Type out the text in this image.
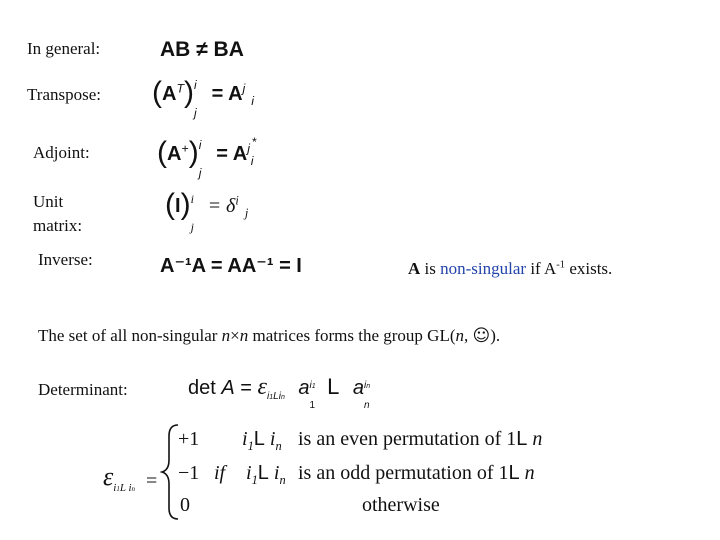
In general:
Transpose:
Adjoint:
Unit
matrix:
Inverse:
Determinant:
AB ≠ BA
$(A^T)$ i
j
= $A^j_i$
(A+) i
j
= $A^j$ *$_i$
(I) i
j
= $\delta^i_j$
A⁻¹A = AA⁻¹ = I	A is non-singular if $A^{-1}$ exists.
The set of all non-singular n×n matrices forms the group GL(n, ☺).
$\det A = \varepsilon_{i1Lin}$ a i1
1
L a in
n
$\varepsilon_{i1L in}$ =
+1 $i_1L$ $i_n$ is an even permutation of 1L n
−1 if $i_1L$ $i_n$ is an odd permutation of 1L n
0	otherwise
